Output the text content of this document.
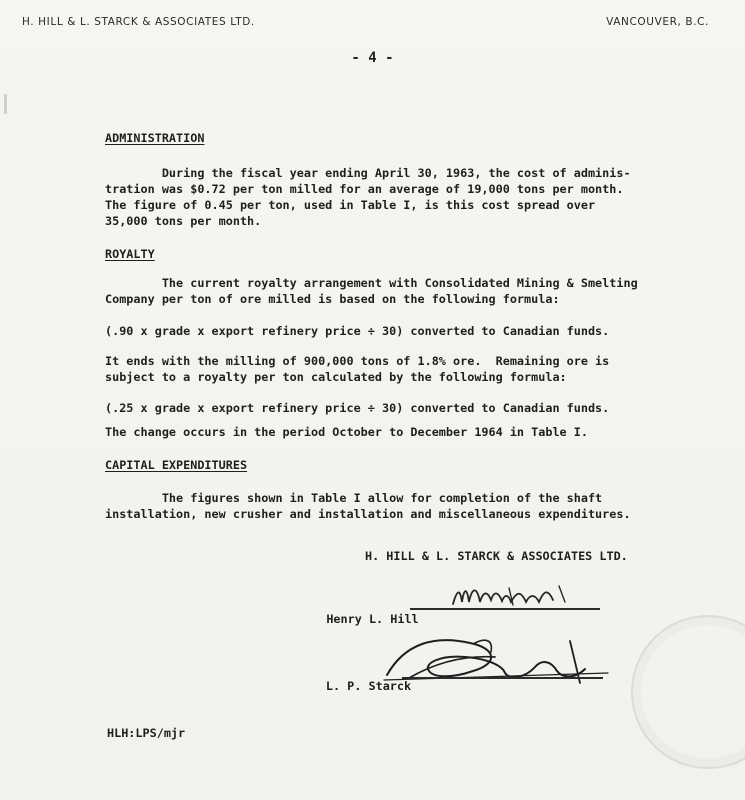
H. HILL & L. STARCK & ASSOCIATES LTD.	VANCOUVER, B.C.
- 4 -
ADMINISTRATION
During the fiscal year ending April 30, 1963, the cost of adminis-
tration was $0.72 per ton milled for an average of 19,000 tons per month.
The figure of 0.45 per ton, used in Table I, is this cost spread over
35,000 tons per month.
ROYALTY
The current royalty arrangement with Consolidated Mining & Smelting
Company per ton of ore milled is based on the following formula:
(.90 x grade x export refinery price ÷ 30) converted to Canadian funds.
It ends with the milling of 900,000 tons of 1.8% ore.  Remaining ore is
subject to a royalty per ton calculated by the following formula:
(.25 x grade x export refinery price ÷ 30) converted to Canadian funds.
The change occurs in the period October to December 1964 in Table I.
CAPITAL EXPENDITURES
The figures shown in Table I allow for completion of the shaft
installation, new crusher and installation and miscellaneous expenditures.
H. HILL & L. STARCK & ASSOCIATES LTD.
Henry L. Hill
L. P. Starck
HLH:LPS/mjr
